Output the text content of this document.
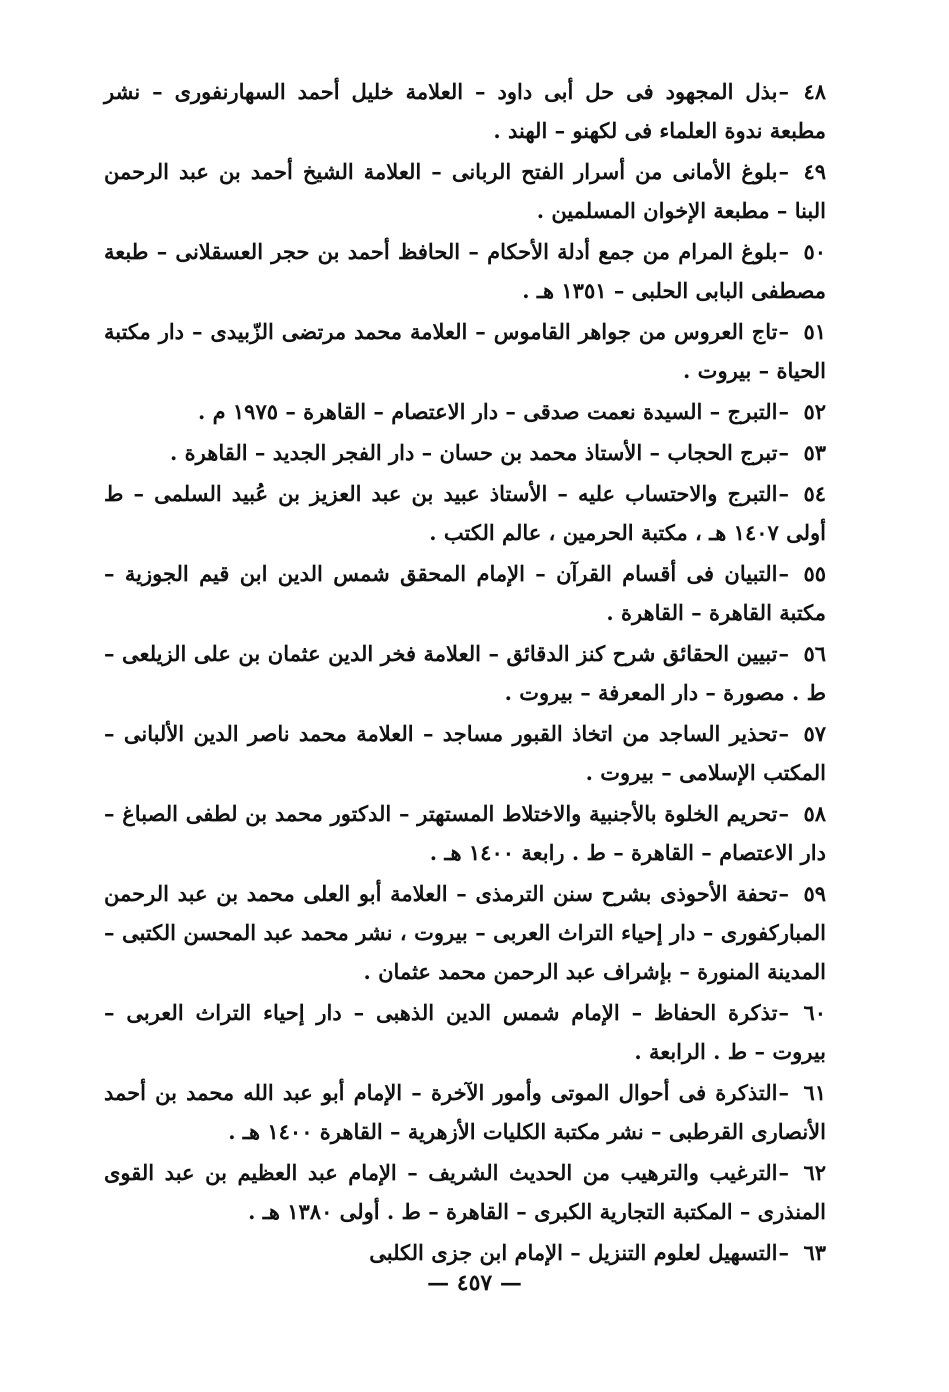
٤٨–بذل المجهود فى حل أبى داود – العلامة خليل أحمد السهارنفورى – نشر مطبعة ندوة العلماء فى لكهنو – الهند .

٤٩–بلوغ الأمانى من أسرار الفتح الربانى – العلامة الشيخ أحمد بن عبد الرحمن البنا – مطبعة الإخوان المسلمين .

٥٠–بلوغ المرام من جمع أدلة الأحكام – الحافظ أحمد بن حجر العسقلانى – طبعة مصطفى البابى الحلبى – ١٣٥١ هـ .

٥١–تاج العروس من جواهر القاموس – العلامة محمد مرتضى الزّبيدى – دار مكتبة الحياة – بيروت .

٥٢–التبرج – السيدة نعمت صدقى – دار الاعتصام – القاهرة – ١٩٧٥ م .

٥٣–تبرج الحجاب – الأستاذ محمد بن حسان – دار الفجر الجديد – القاهرة .

٥٤–التبرج والاحتساب عليه – الأستاذ عبيد بن عبد العزيز بن عُبيد السلمى – ط أولى ١٤٠٧ هـ ، مكتبة الحرمين ، عالم الكتب .

٥٥–التبيان فى أقسام القرآن – الإمام المحقق شمس الدين ابن قيم الجوزية – مكتبة القاهرة – القاهرة .

٥٦–تبيين الحقائق شرح كنز الدقائق – العلامة فخر الدين عثمان بن على الزيلعى – ط . مصورة – دار المعرفة – بيروت .

٥٧–تحذير الساجد من اتخاذ القبور مساجد – العلامة محمد ناصر الدين الألبانى – المكتب الإسلامى – بيروت .

٥٨–تحريم الخلوة بالأجنبية والاختلاط المستهتر – الدكتور محمد بن لطفى الصباغ – دار الاعتصام – القاهرة – ط . رابعة ١٤٠٠ هـ .

٥٩–تحفة الأحوذى بشرح سنن الترمذى – العلامة أبو العلى محمد بن عبد الرحمن المباركفورى – دار إحياء التراث العربى – بيروت ، نشر محمد عبد المحسن الكتبى – المدينة المنورة – بإشراف عبد الرحمن محمد عثمان .

٦٠–تذكرة الحفاظ – الإمام شمس الدين الذهبى – دار إحياء التراث العربى – بيروت – ط . الرابعة .

٦١–التذكرة فى أحوال الموتى وأمور الآخرة – الإمام أبو عبد الله محمد بن أحمد الأنصارى القرطبى – نشر مكتبة الكليات الأزهرية – القاهرة ١٤٠٠ هـ .

٦٢–الترغيب والترهيب من الحديث الشريف – الإمام عبد العظيم بن عبد القوى المنذرى – المكتبة التجارية الكبرى – القاهرة – ط . أولى ١٣٨٠ هـ .

٦٣–التسهيل لعلوم التنزيل – الإمام ابن جزى الكلبى

— ٤٥٧ —
